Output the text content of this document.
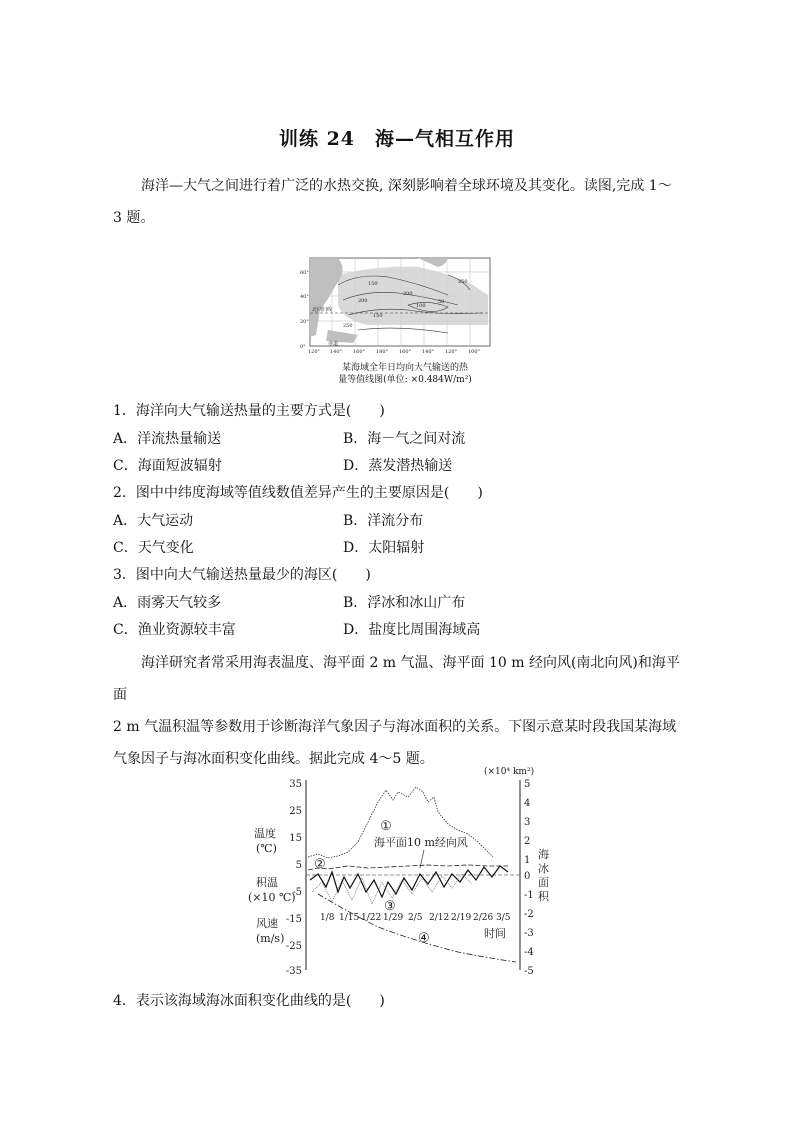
训练 24　海—气相互作用

海洋—大气之间进行着广泛的水热交换, 深刻影响着全球环境及其变化。读图,完成 1～

3 题。

60°
40°
20°
0°
120° 140° 160° 180° 160° 140° 120° 100°
150
200
250
100
150
200
250
50
北回归线
赤道
某海域全年日均向大气输送的热
量等值线图(单位: ×0.484W/m²)
1．海洋向大气输送热量的主要方式是(　　)
A．洋流热量输送	B．海－气之间对流
C．海面短波辐射	D．蒸发潜热输送
2．图中中纬度海域等值线数值差异产生的主要原因是(　　)
A．大气运动	B．洋流分布
C．天气变化	D．太阳辐射
3．图中向大气输送热量最少的海区(　　)
A．雨雾天气较多	B．浮冰和冰山广布
C．渔业资源较丰富	D．盐度比周围海域高

海洋研究者常采用海表温度、海平面 2 m 气温、海平面 10 m 经向风(南北向风)和海平面

2 m 气温积温等参数用于诊断海洋气象因子与海冰面积的关系。下图示意某时段我国某海域

气象因子与海冰面积变化曲线。据此完成 4～5 题。

35
25
15
5
-5
-15
-25
-35
5
4
3
2
1
0
-1
-2
-3
-4
-5
(×10⁴ km²)
温度
(℃)
积温
(×10 ℃)
风速
(m/s)
海
冰
面
积
1/8 1/15 1/22 1/29 2/5 2/12 2/19 2/26 3/5
时间
海平面10 m经向风
①
②
③
④
4．表示该海域海冰面积变化曲线的是(　　)
